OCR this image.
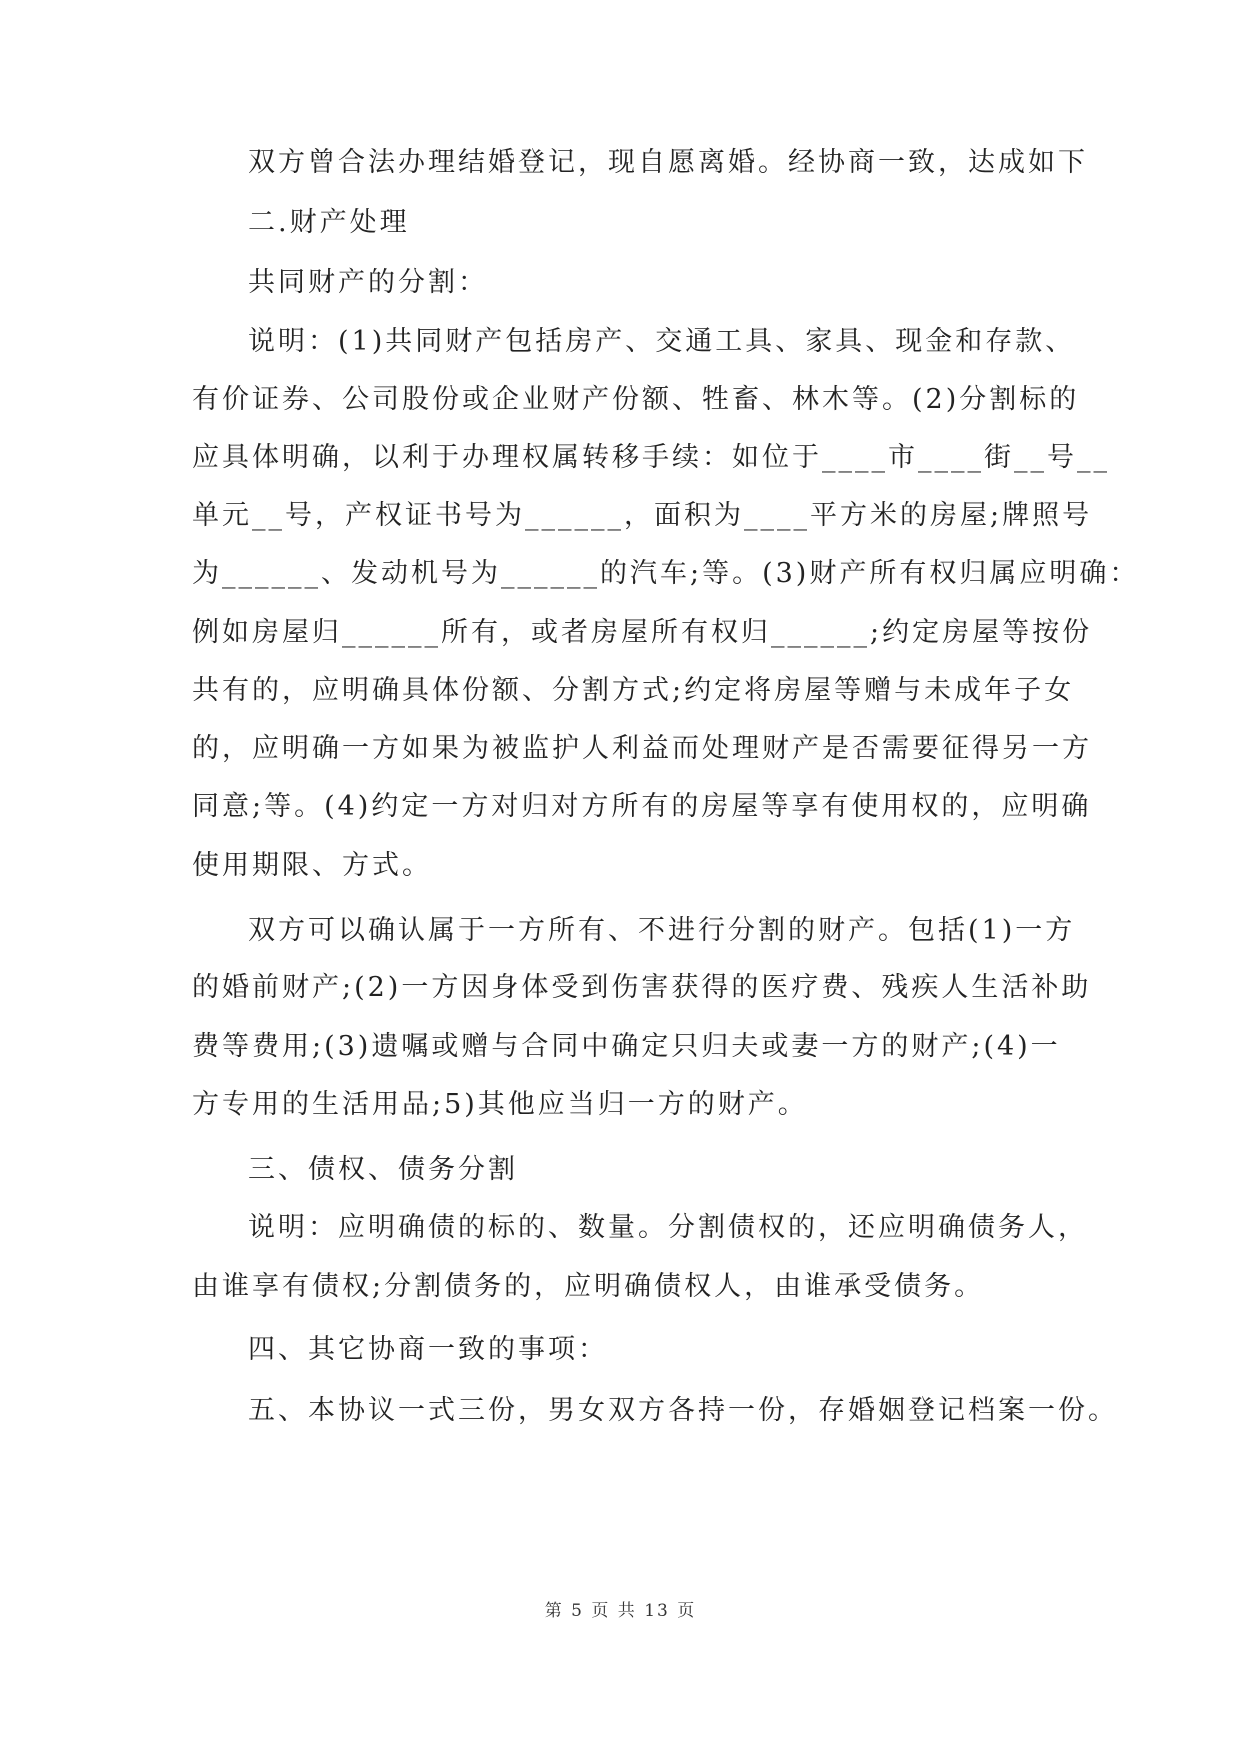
双方曾合法办理结婚登记，现自愿离婚。经协商一致，达成如下
二.财产处理
共同财产的分割：
说明：(1)共同财产包括房产、交通工具、家具、现金和存款、
有价证券、公司股份或企业财产份额、牲畜、林木等。(2)分割标的
应具体明确，以利于办理权属转移手续：如位于____市____街__号__
单元__号，产权证书号为______，面积为____平方米的房屋;牌照号
为______、发动机号为______的汽车;等。(3)财产所有权归属应明确：
例如房屋归______所有，或者房屋所有权归______;约定房屋等按份
共有的，应明确具体份额、分割方式;约定将房屋等赠与未成年子女
的，应明确一方如果为被监护人利益而处理财产是否需要征得另一方
同意;等。(4)约定一方对归对方所有的房屋等享有使用权的，应明确
使用期限、方式。
双方可以确认属于一方所有、不进行分割的财产。包括(1)一方
的婚前财产;(2)一方因身体受到伤害获得的医疗费、残疾人生活补助
费等费用;(3)遗嘱或赠与合同中确定只归夫或妻一方的财产;(4)一
方专用的生活用品;5)其他应当归一方的财产。
三、债权、债务分割
说明：应明确债的标的、数量。分割债权的，还应明确债务人，
由谁享有债权;分割债务的，应明确债权人，由谁承受债务。
四、其它协商一致的事项：
五、本协议一式三份，男女双方各持一份，存婚姻登记档案一份。
第 5 页 共 13 页
